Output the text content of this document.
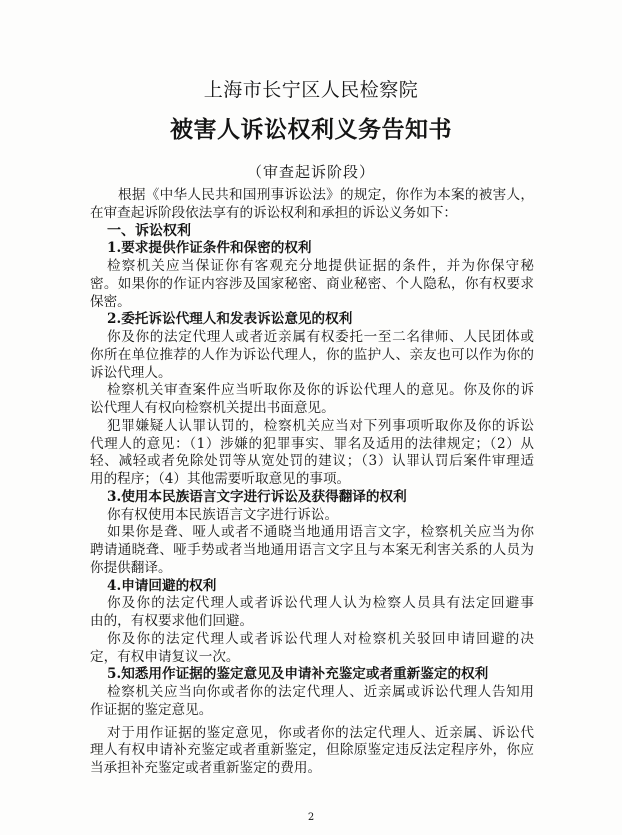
上海市长宁区人民检察院
被害人诉讼权利义务告知书
（审查起诉阶段）
根据《中华人民共和国刑事诉讼法》的规定，你作为本案的被害人，
在审查起诉阶段依法享有的诉讼权利和承担的诉讼义务如下：
一、诉讼权利
1.要求提供作证条件和保密的权利
检察机关应当保证你有客观充分地提供证据的条件，并为你保守秘
密。如果你的作证内容涉及国家秘密、商业秘密、个人隐私，你有权要求
保密。
2.委托诉讼代理人和发表诉讼意见的权利
你及你的法定代理人或者近亲属有权委托一至二名律师、人民团体或
你所在单位推荐的人作为诉讼代理人，你的监护人、亲友也可以作为你的
诉讼代理人。
检察机关审查案件应当听取你及你的诉讼代理人的意见。你及你的诉
讼代理人有权向检察机关提出书面意见。
犯罪嫌疑人认罪认罚的，检察机关应当对下列事项听取你及你的诉讼
代理人的意见：（1）涉嫌的犯罪事实、罪名及适用的法律规定；（2）从
轻、减轻或者免除处罚等从宽处罚的建议；（3）认罪认罚后案件审理适
用的程序；（4）其他需要听取意见的事项。
3.使用本民族语言文字进行诉讼及获得翻译的权利
你有权使用本民族语言文字进行诉讼。
如果你是聋、哑人或者不通晓当地通用语言文字，检察机关应当为你
聘请通晓聋、哑手势或者当地通用语言文字且与本案无利害关系的人员为
你提供翻译。
4.申请回避的权利
你及你的法定代理人或者诉讼代理人认为检察人员具有法定回避事
由的，有权要求他们回避。
你及你的法定代理人或者诉讼代理人对检察机关驳回申请回避的决
定，有权申请复议一次。
5.知悉用作证据的鉴定意见及申请补充鉴定或者重新鉴定的权利
检察机关应当向你或者你的法定代理人、近亲属或诉讼代理人告知用
作证据的鉴定意见。
对于用作证据的鉴定意见，你或者你的法定代理人、近亲属、诉讼代
理人有权申请补充鉴定或者重新鉴定，但除原鉴定违反法定程序外，你应
当承担补充鉴定或者重新鉴定的费用。
2
